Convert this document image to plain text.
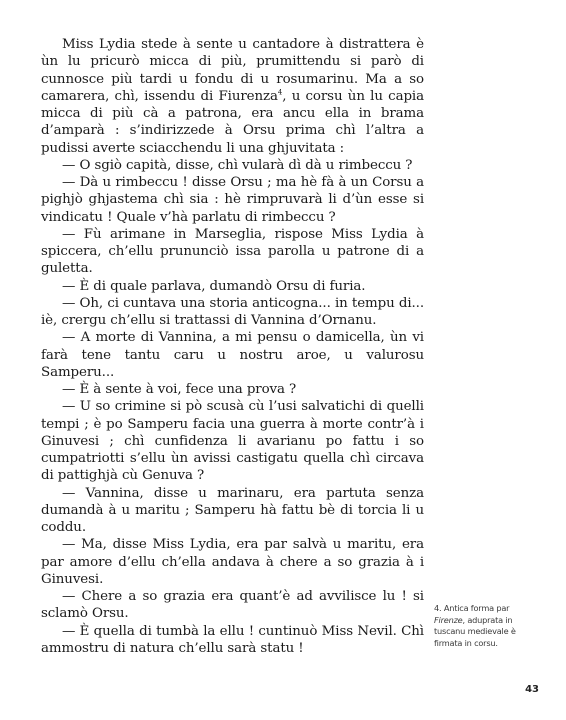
Miss Lydia stede à sente u cantadore à distrattera è ùn lu pricurò micca di più, prumittendu si parò di cunnosce più tardi u fondu di u rosumarinu. Ma a so camarera, chì, issendu di Fiurenza$^4$, u corsu ùn lu capia micca di più cà a patrona, era ancu ella in brama d’amparà : s’indirizzede à Orsu prima chì l’altra a pudissi averte sciacchendu li una ghjuvitata :

— O sgiò capità, disse, chì vularà dì dà u rimbeccu ?

— Dà u rimbeccu ! disse Orsu ; ma hè fà à un Corsu a pighjò ghjastema chì sia : hè rimpruvarà li d’ùn esse si vindicatu ! Quale v’hà parlatu di rimbeccu ?

— Fù arimane in Marseglia, rispose Miss Lydia à spiccera, ch’ellu prununciò issa parolla u patrone di a guletta.

— È di quale parlava, dumandò Orsu di furia.

— Oh, ci cuntava una storia anticogna... in tempu di... iè, crergu ch’ellu si trattassi di Vannina d’Ornanu.

— A morte di Vannina, a mi pensu o damicella, ùn vi farà tene tantu caru u nostru aroe, u valurosu Samperu...

— È à sente à voi, fece una prova ?

— U so crimine si pò scusà cù l’usi salvatichi di quelli tempi ; è po Samperu facia una guerra à morte contr’à i Ginuvesi ; chì cunfidenza li avarianu po fattu i so cumpatriotti s’ellu ùn avissi castigatu quella chì circava di pattighjà cù Genuva ?

— Vannina, disse u marinaru, era partuta senza dumandà à u maritu ; Samperu hà fattu bè di torcia li u coddu.

— Ma, disse Miss Lydia, era par salvà u maritu, era par amore d’ellu ch’ella andava à chere a so grazia à i Ginuvesi.

— Chere a so grazia era quant’è ad avvilisce lu ! si sclamò Orsu.

— È quella di tumbà la ellu ! cuntinuò Miss Nevil. Chì ammostru di natura ch’ellu sarà statu !

4. Antica forma par Firenze, aduprata in tuscanu medievale è firmata in corsu.
43
